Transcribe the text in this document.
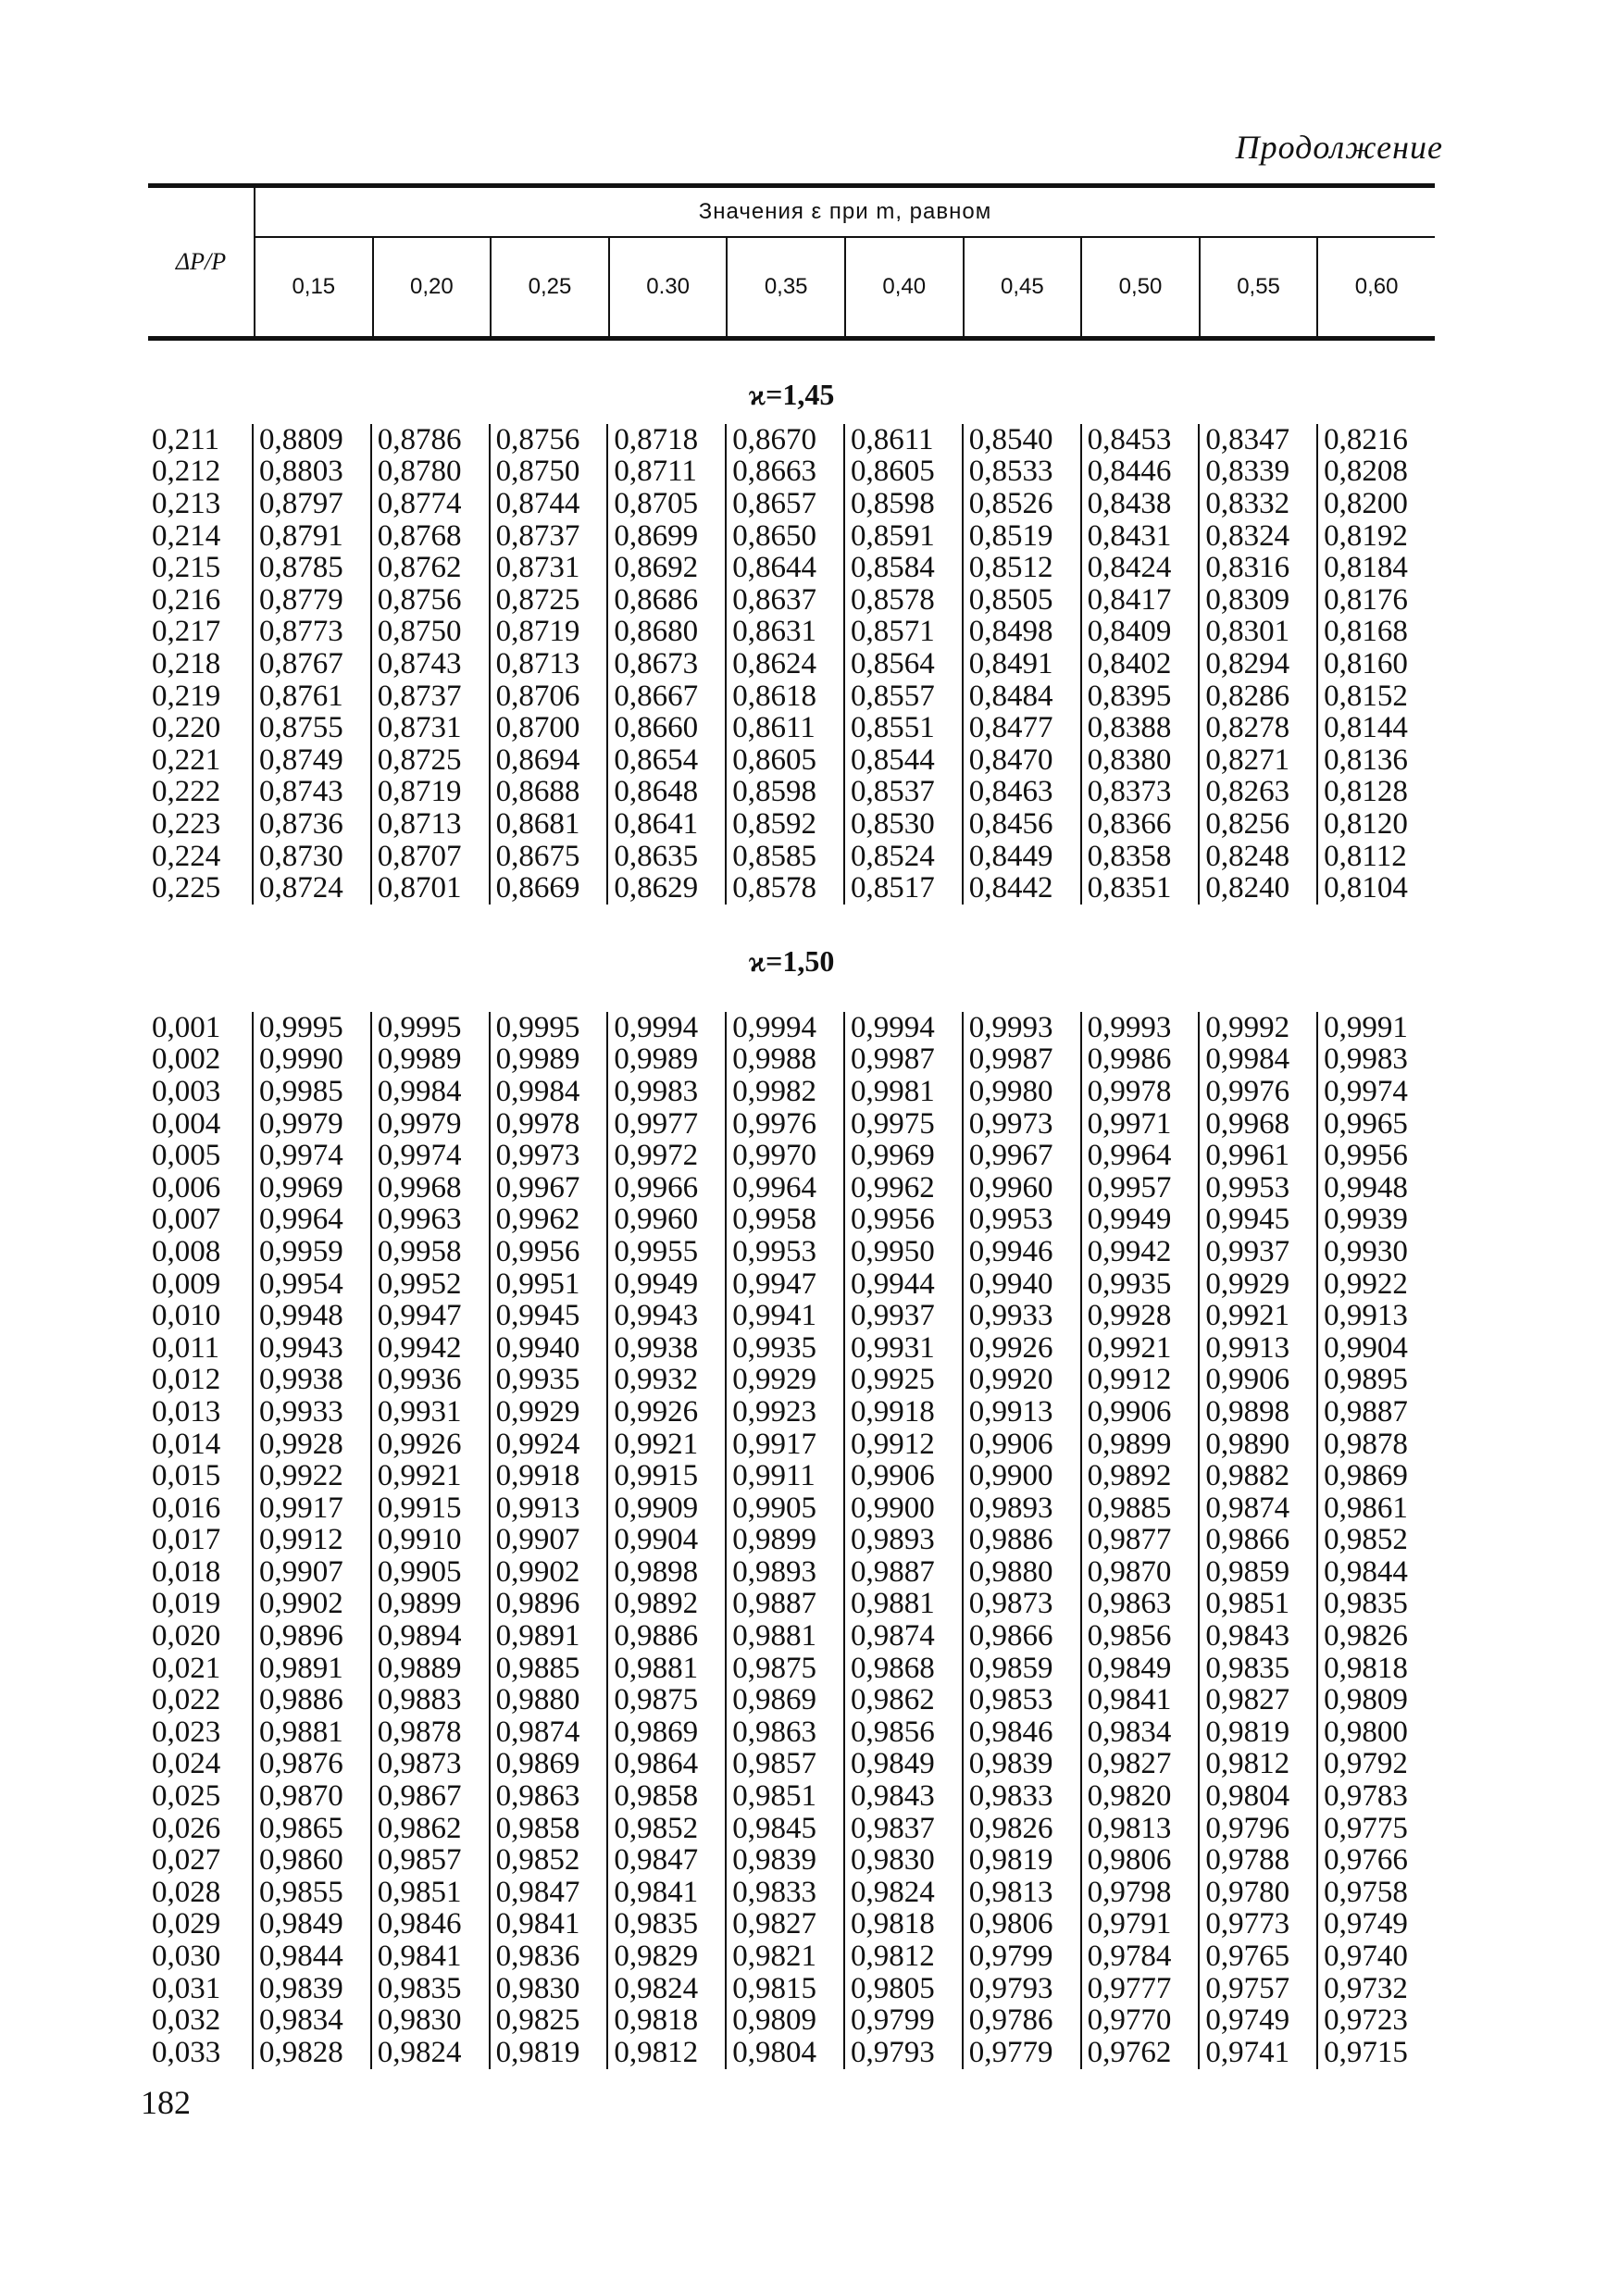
Продолжение
ΔP/P
Значения ε при m, равном
0,15	0,20	0,25	0.30	0,35	0,40	0,45	0,50	0,55	0,60
ϰ=1,45
0,211	0,8809	0,8786	0,8756	0,8718	0,8670	0,8611	0,8540	0,8453	0,8347	0,8216
0,212	0,8803	0,8780	0,8750	0,8711	0,8663	0,8605	0,8533	0,8446	0,8339	0,8208
0,213	0,8797	0,8774	0,8744	0,8705	0,8657	0,8598	0,8526	0,8438	0,8332	0,8200
0,214	0,8791	0,8768	0,8737	0,8699	0,8650	0,8591	0,8519	0,8431	0,8324	0,8192
0,215	0,8785	0,8762	0,8731	0,8692	0,8644	0,8584	0,8512	0,8424	0,8316	0,8184
0,216	0,8779	0,8756	0,8725	0,8686	0,8637	0,8578	0,8505	0,8417	0,8309	0,8176
0,217	0,8773	0,8750	0,8719	0,8680	0,8631	0,8571	0,8498	0,8409	0,8301	0,8168
0,218	0,8767	0,8743	0,8713	0,8673	0,8624	0,8564	0,8491	0,8402	0,8294	0,8160
0,219	0,8761	0,8737	0,8706	0,8667	0,8618	0,8557	0,8484	0,8395	0,8286	0,8152
0,220	0,8755	0,8731	0,8700	0,8660	0,8611	0,8551	0,8477	0,8388	0,8278	0,8144
0,221	0,8749	0,8725	0,8694	0,8654	0,8605	0,8544	0,8470	0,8380	0,8271	0,8136
0,222	0,8743	0,8719	0,8688	0,8648	0,8598	0,8537	0,8463	0,8373	0,8263	0,8128
0,223	0,8736	0,8713	0,8681	0,8641	0,8592	0,8530	0,8456	0,8366	0,8256	0,8120
0,224	0,8730	0,8707	0,8675	0,8635	0,8585	0,8524	0,8449	0,8358	0,8248	0,8112
0,225	0,8724	0,8701	0,8669	0,8629	0,8578	0,8517	0,8442	0,8351	0,8240	0,8104
ϰ=1,50
0,001	0,9995	0,9995	0,9995	0,9994	0,9994	0,9994	0,9993	0,9993	0,9992	0,9991
0,002	0,9990	0,9989	0,9989	0,9989	0,9988	0,9987	0,9987	0,9986	0,9984	0,9983
0,003	0,9985	0,9984	0,9984	0,9983	0,9982	0,9981	0,9980	0,9978	0,9976	0,9974
0,004	0,9979	0,9979	0,9978	0,9977	0,9976	0,9975	0,9973	0,9971	0,9968	0,9965
0,005	0,9974	0,9974	0,9973	0,9972	0,9970	0,9969	0,9967	0,9964	0,9961	0,9956
0,006	0,9969	0,9968	0,9967	0,9966	0,9964	0,9962	0,9960	0,9957	0,9953	0,9948
0,007	0,9964	0,9963	0,9962	0,9960	0,9958	0,9956	0,9953	0,9949	0,9945	0,9939
0,008	0,9959	0,9958	0,9956	0,9955	0,9953	0,9950	0,9946	0,9942	0,9937	0,9930
0,009	0,9954	0,9952	0,9951	0,9949	0,9947	0,9944	0,9940	0,9935	0,9929	0,9922
0,010	0,9948	0,9947	0,9945	0,9943	0,9941	0,9937	0,9933	0,9928	0,9921	0,9913
0,011	0,9943	0,9942	0,9940	0,9938	0,9935	0,9931	0,9926	0,9921	0,9913	0,9904
0,012	0,9938	0,9936	0,9935	0,9932	0,9929	0,9925	0,9920	0,9912	0,9906	0,9895
0,013	0,9933	0,9931	0,9929	0,9926	0,9923	0,9918	0,9913	0,9906	0,9898	0,9887
0,014	0,9928	0,9926	0,9924	0,9921	0,9917	0,9912	0,9906	0,9899	0,9890	0,9878
0,015	0,9922	0,9921	0,9918	0,9915	0,9911	0,9906	0,9900	0,9892	0,9882	0,9869
0,016	0,9917	0,9915	0,9913	0,9909	0,9905	0,9900	0,9893	0,9885	0,9874	0,9861
0,017	0,9912	0,9910	0,9907	0,9904	0,9899	0,9893	0,9886	0,9877	0,9866	0,9852
0,018	0,9907	0,9905	0,9902	0,9898	0,9893	0,9887	0,9880	0,9870	0,9859	0,9844
0,019	0,9902	0,9899	0,9896	0,9892	0,9887	0,9881	0,9873	0,9863	0,9851	0,9835
0,020	0,9896	0,9894	0,9891	0,9886	0,9881	0,9874	0,9866	0,9856	0,9843	0,9826
0,021	0,9891	0,9889	0,9885	0,9881	0,9875	0,9868	0,9859	0,9849	0,9835	0,9818
0,022	0,9886	0,9883	0,9880	0,9875	0,9869	0,9862	0,9853	0,9841	0,9827	0,9809
0,023	0,9881	0,9878	0,9874	0,9869	0,9863	0,9856	0,9846	0,9834	0,9819	0,9800
0,024	0,9876	0,9873	0,9869	0,9864	0,9857	0,9849	0,9839	0,9827	0,9812	0,9792
0,025	0,9870	0,9867	0,9863	0,9858	0,9851	0,9843	0,9833	0,9820	0,9804	0,9783
0,026	0,9865	0,9862	0,9858	0,9852	0,9845	0,9837	0,9826	0,9813	0,9796	0,9775
0,027	0,9860	0,9857	0,9852	0,9847	0,9839	0,9830	0,9819	0,9806	0,9788	0,9766
0,028	0,9855	0,9851	0,9847	0,9841	0,9833	0,9824	0,9813	0,9798	0,9780	0,9758
0,029	0,9849	0,9846	0,9841	0,9835	0,9827	0,9818	0,9806	0,9791	0,9773	0,9749
0,030	0,9844	0,9841	0,9836	0,9829	0,9821	0,9812	0,9799	0,9784	0,9765	0,9740
0,031	0,9839	0,9835	0,9830	0,9824	0,9815	0,9805	0,9793	0,9777	0,9757	0,9732
0,032	0,9834	0,9830	0,9825	0,9818	0,9809	0,9799	0,9786	0,9770	0,9749	0,9723
0,033	0,9828	0,9824	0,9819	0,9812	0,9804	0,9793	0,9779	0,9762	0,9741	0,9715
182
